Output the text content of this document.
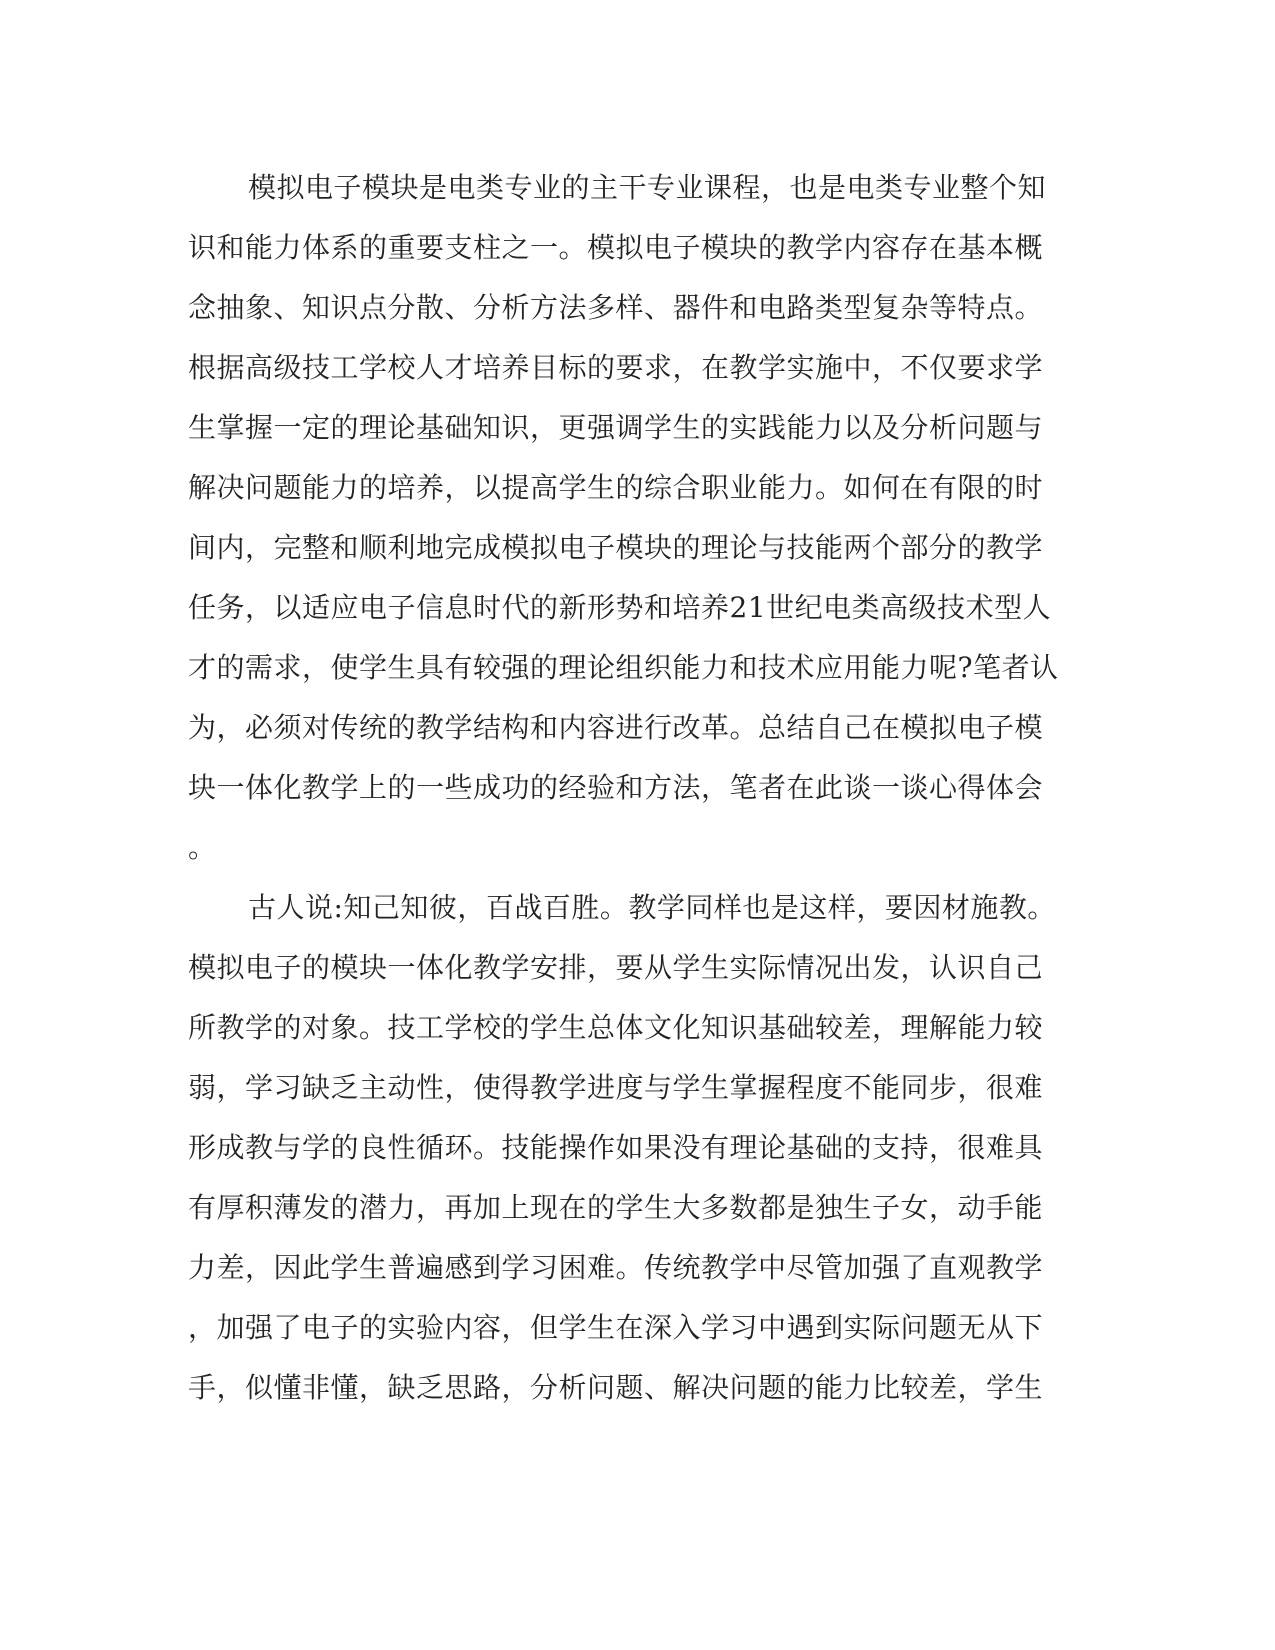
模拟电子模块是电类专业的主干专业课程，也是电类专业整个知
识和能力体系的重要支柱之一。模拟电子模块的教学内容存在基本概
念抽象、知识点分散、分析方法多样、器件和电路类型复杂等特点。
根据高级技工学校人才培养目标的要求，在教学实施中，不仅要求学
生掌握一定的理论基础知识，更强调学生的实践能力以及分析问题与
解决问题能力的培养，以提高学生的综合职业能力。如何在有限的时
间内，完整和顺利地完成模拟电子模块的理论与技能两个部分的教学
任务，以适应电子信息时代的新形势和培养21世纪电类高级技术型人
才的需求，使学生具有较强的理论组织能力和技术应用能力呢?笔者认
为，必须对传统的教学结构和内容进行改革。总结自己在模拟电子模
块一体化教学上的一些成功的经验和方法，笔者在此谈一谈心得体会
。
古人说:知己知彼，百战百胜。教学同样也是这样，要因材施教。
模拟电子的模块一体化教学安排，要从学生实际情况出发，认识自己
所教学的对象。技工学校的学生总体文化知识基础较差，理解能力较
弱，学习缺乏主动性，使得教学进度与学生掌握程度不能同步，很难
形成教与学的良性循环。技能操作如果没有理论基础的支持，很难具
有厚积薄发的潜力，再加上现在的学生大多数都是独生子女，动手能
力差，因此学生普遍感到学习困难。传统教学中尽管加强了直观教学
，加强了电子的实验内容，但学生在深入学习中遇到实际问题无从下
手，似懂非懂，缺乏思路，分析问题、解决问题的能力比较差，学生
